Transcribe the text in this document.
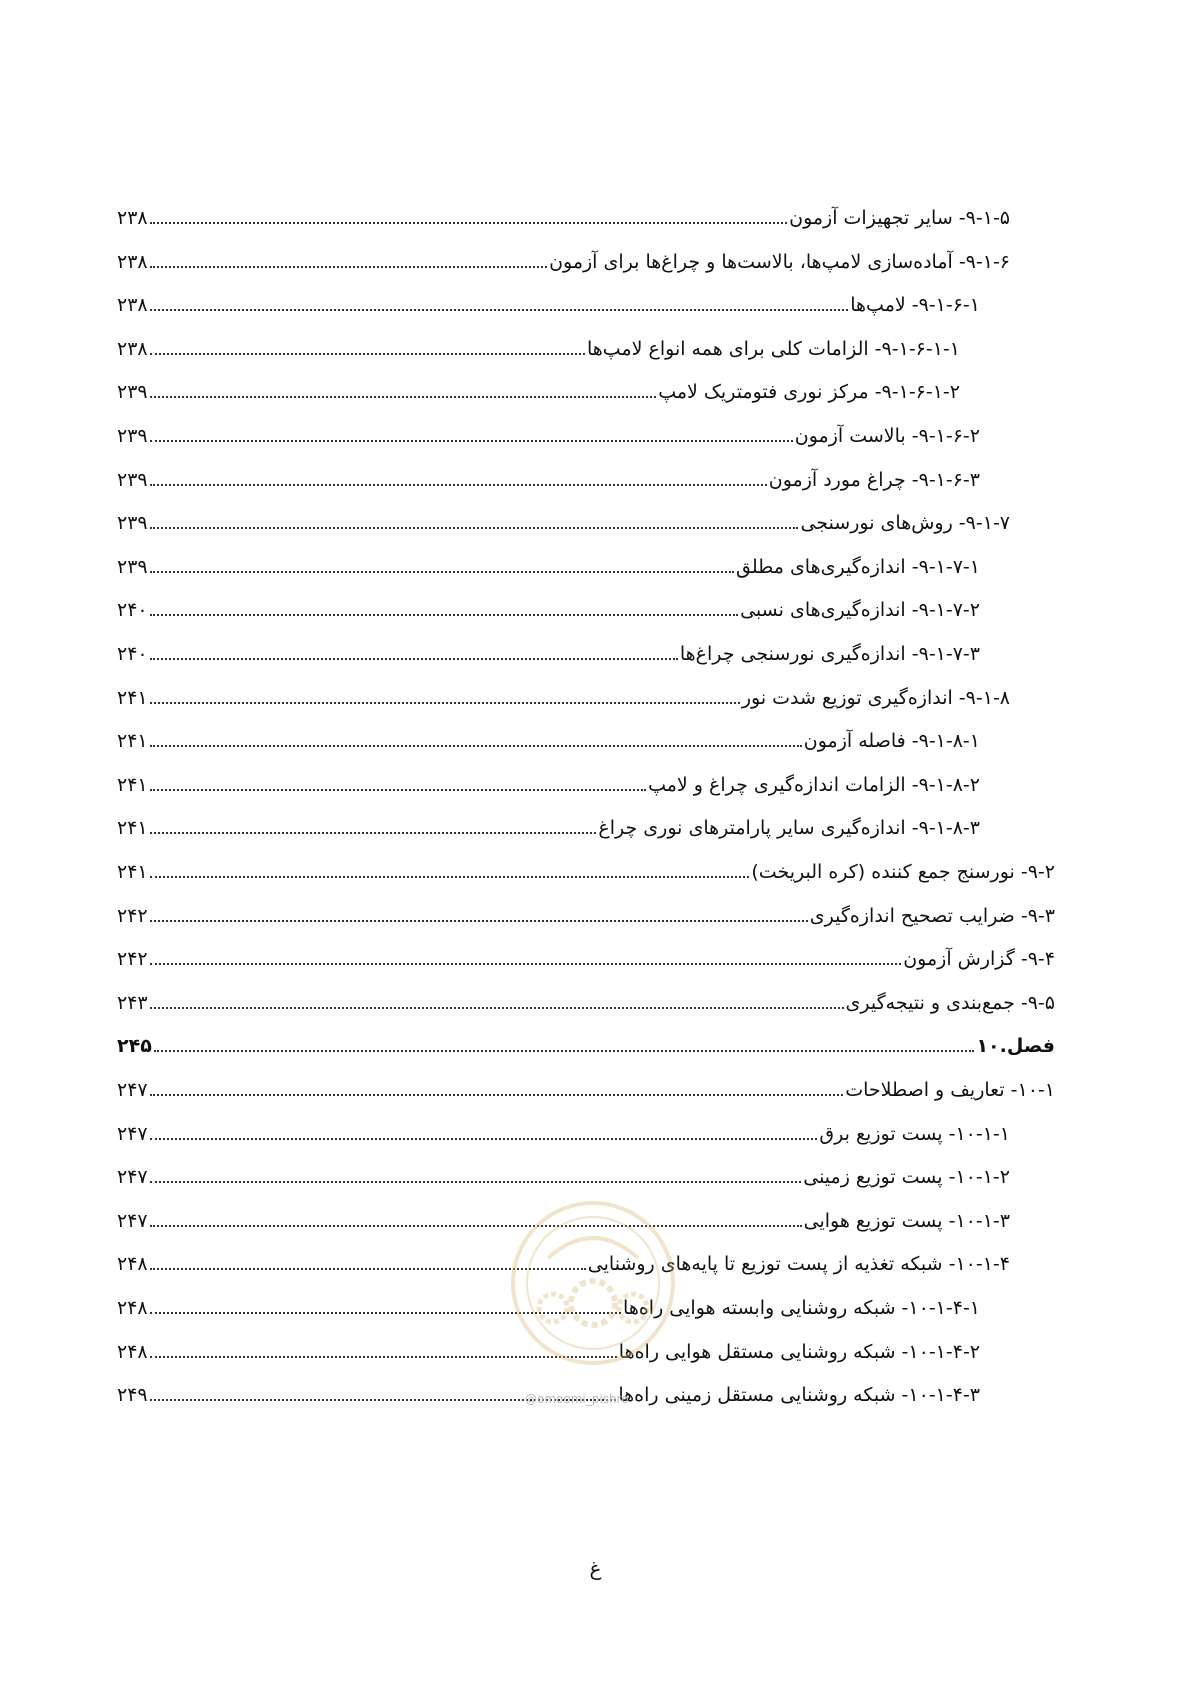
۹-۱-۵- سایر تجهیزات آزمون
۲۳۸
۹-۱-۶- آماده‌سازی لامپ‌ها، بالاست‌ها و چراغ‌ها برای آزمون
۲۳۸
۹-۱-۶-۱- لامپ‌ها
۲۳۸
۹-۱-۶-۱-۱- الزامات کلی برای همه انواع لامپ‌ها
۲۳۸
۹-۱-۶-۱-۲- مرکز نوری فتومتریک لامپ
۲۳۹
۹-۱-۶-۲- بالاست آزمون
۲۳۹
۹-۱-۶-۳- چراغ مورد آزمون
۲۳۹
۹-۱-۷- روش‌های نورسنجی
۲۳۹
۹-۱-۷-۱- اندازه‌گیری‌های مطلق
۲۳۹
۹-۱-۷-۲- اندازه‌گیری‌های نسبی
۲۴۰
۹-۱-۷-۳- اندازه‌گیری نورسنجی چراغ‌ها
۲۴۰
۹-۱-۸- اندازه‌گیری توزیع شدت نور
۲۴۱
۹-۱-۸-۱- فاصله آزمون
۲۴۱
۹-۱-۸-۲- الزامات اندازه‌گیری چراغ و لامپ
۲۴۱
۹-۱-۸-۳- اندازه‌گیری سایر پارامترهای نوری چراغ
۲۴۱
۹-۲- نورسنج جمع کننده (کره البریخت)
۲۴۱
۹-۳- ضرایب تصحیح اندازه‌گیری
۲۴۲
۹-۴- گزارش آزمون
۲۴۲
۹-۵- جمع‌بندی و نتیجه‌گیری
۲۴۳
فصل.۱۰
۲۴۵
۱۰-۱- تعاریف و اصطلاحات
۲۴۷
۱۰-۱-۱- پست توزیع برق
۲۴۷
۱۰-۱-۲- پست توزیع زمینی
۲۴۷
۱۰-۱-۳- پست توزیع هوایی
۲۴۷
۱۰-۱-۴- شبکه تغذیه از پست توزیع تا پایه‌های روشنایی
۲۴۸
۱۰-۱-۴-۱- شبکه روشنایی وابسته هوایی راه‌ها
۲۴۸
۱۰-۱-۴-۲- شبکه روشنایی مستقل هوایی راه‌ها
۲۴۸
۱۰-۱-۴-۳- شبکه روشنایی مستقل زمینی راه‌ها
۲۴۹	@omoomi_pishro
غ
